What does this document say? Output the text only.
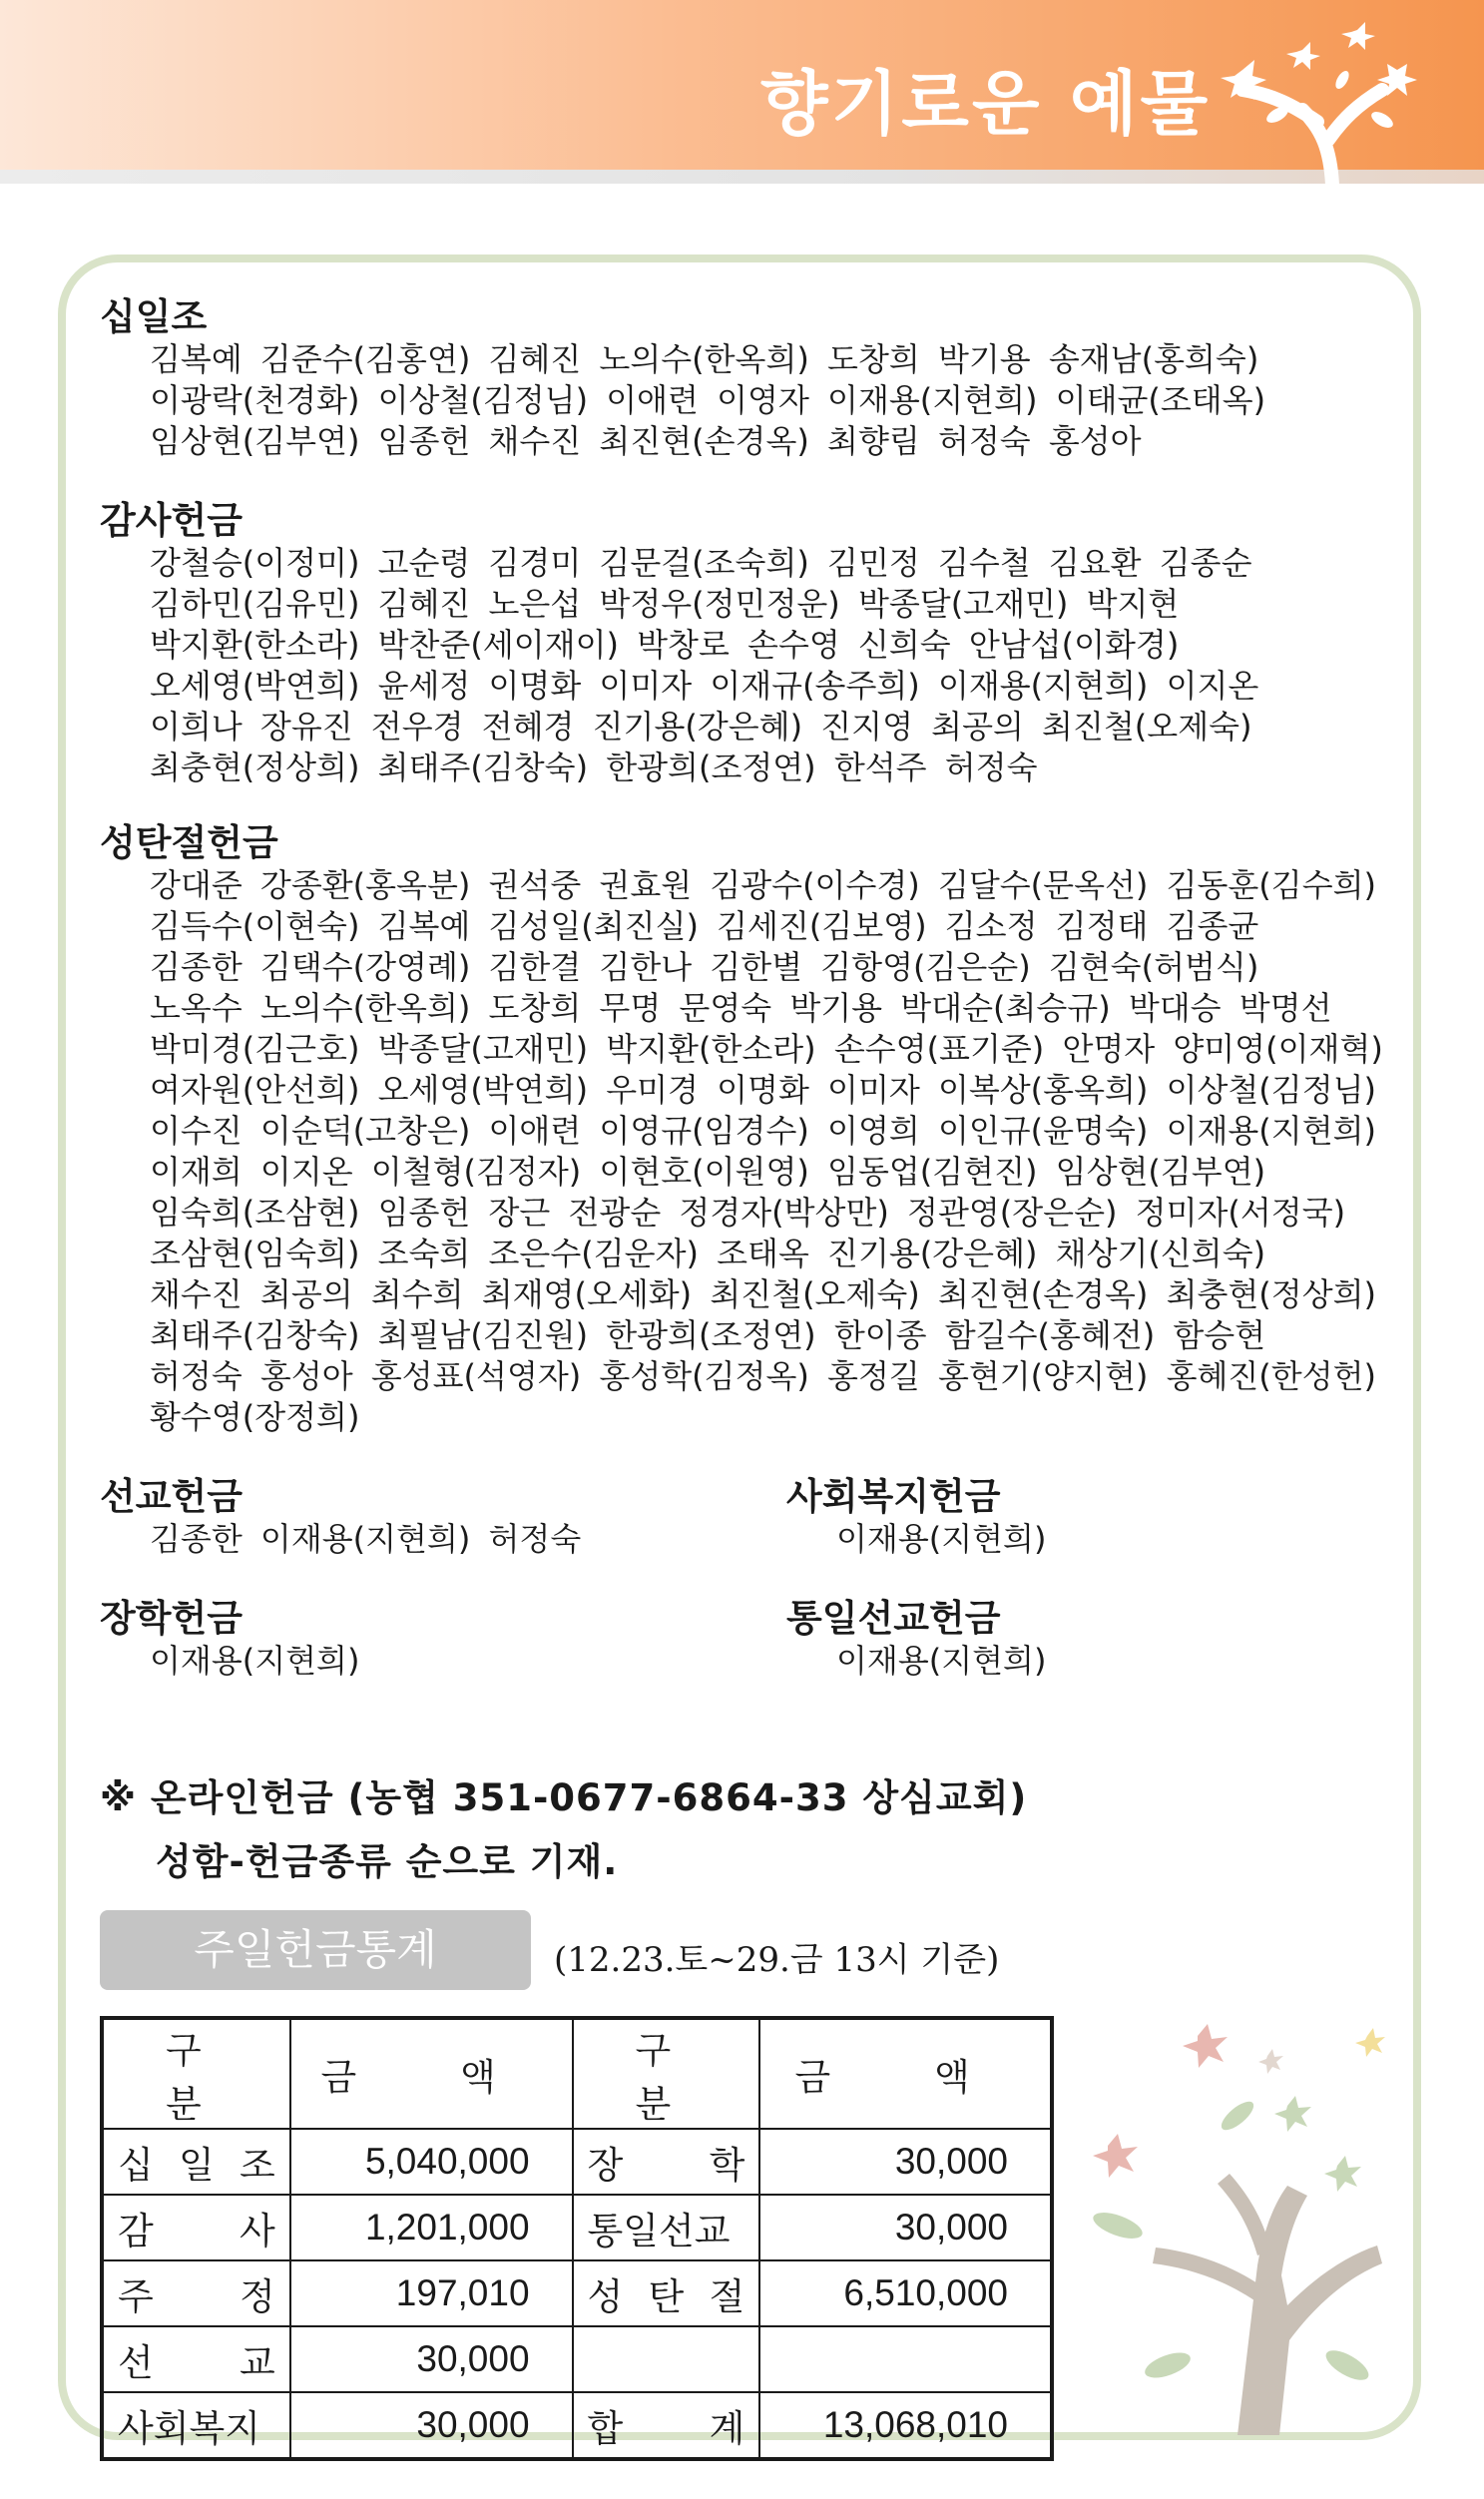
향기로운 예물
십일조
김복예 김준수(김홍연) 김혜진 노의수(한옥희) 도창희 박기용 송재남(홍희숙)
이광락(천경화) 이상철(김정님) 이애련 이영자 이재용(지현희) 이태균(조태옥)
임상현(김부연) 임종헌 채수진 최진현(손경옥) 최향림 허정숙 홍성아
감사헌금
강철승(이정미) 고순령 김경미 김문걸(조숙희) 김민정 김수철 김요환 김종순
김하민(김유민) 김혜진 노은섭 박정우(정민정운) 박종달(고재민) 박지현
박지환(한소라) 박찬준(세이재이) 박창로 손수영 신희숙 안남섭(이화경)
오세영(박연희) 윤세정 이명화 이미자 이재규(송주희) 이재용(지현희) 이지온
이희나 장유진 전우경 전혜경 진기용(강은혜) 진지영 최공의 최진철(오제숙)
최충현(정상희) 최태주(김창숙) 한광희(조정연) 한석주 허정숙
성탄절헌금
강대준 강종환(홍옥분) 권석중 권효원 김광수(이수경) 김달수(문옥선) 김동훈(김수희)
김득수(이현숙) 김복예 김성일(최진실) 김세진(김보영) 김소정 김정태 김종균
김종한 김택수(강영례) 김한결 김한나 김한별 김항영(김은순) 김현숙(허범식)
노옥수 노의수(한옥희) 도창희 무명 문영숙 박기용 박대순(최승규) 박대승 박명선
박미경(김근호) 박종달(고재민) 박지환(한소라) 손수영(표기준) 안명자 양미영(이재혁)
여자원(안선희) 오세영(박연희) 우미경 이명화 이미자 이복상(홍옥희) 이상철(김정님)
이수진 이순덕(고창은) 이애련 이영규(임경수) 이영희 이인규(윤명숙) 이재용(지현희)
이재희 이지온 이철형(김정자) 이현호(이원영) 임동업(김현진) 임상현(김부연)
임숙희(조삼현) 임종헌 장근 전광순 정경자(박상만) 정관영(장은순) 정미자(서정국)
조삼현(임숙희) 조숙희 조은수(김운자) 조태옥 진기용(강은혜) 채상기(신희숙)
채수진 최공의 최수희 최재영(오세화) 최진철(오제숙) 최진현(손경옥) 최충현(정상희)
최태주(김창숙) 최필남(김진원) 한광희(조정연) 한이종 함길수(홍혜전) 함승현
허정숙 홍성아 홍성표(석영자) 홍성학(김정옥) 홍정길 홍현기(양지현) 홍혜진(한성헌)
황수영(장정희)
선교헌금
김종한 이재용(지현희) 허정숙
사회복지헌금
이재용(지현희)
장학헌금
이재용(지현희)
통일선교헌금
이재용(지현희)
※ 온라인헌금 (농협 351-0677-6864-33 상심교회)
성함-헌금종류 순으로 기재.
주일헌금통계	(12.23.토~29.금 13시 기준)
구 분	금 액	구 분	금 액
십 일 조	5,040,000	장 학	30,000
감 사	1,201,000	통일선교	30,000
주 정	197,010	성 탄 절	6,510,000
선 교	30,000		
사회복지	30,000	합 계	13,068,010
